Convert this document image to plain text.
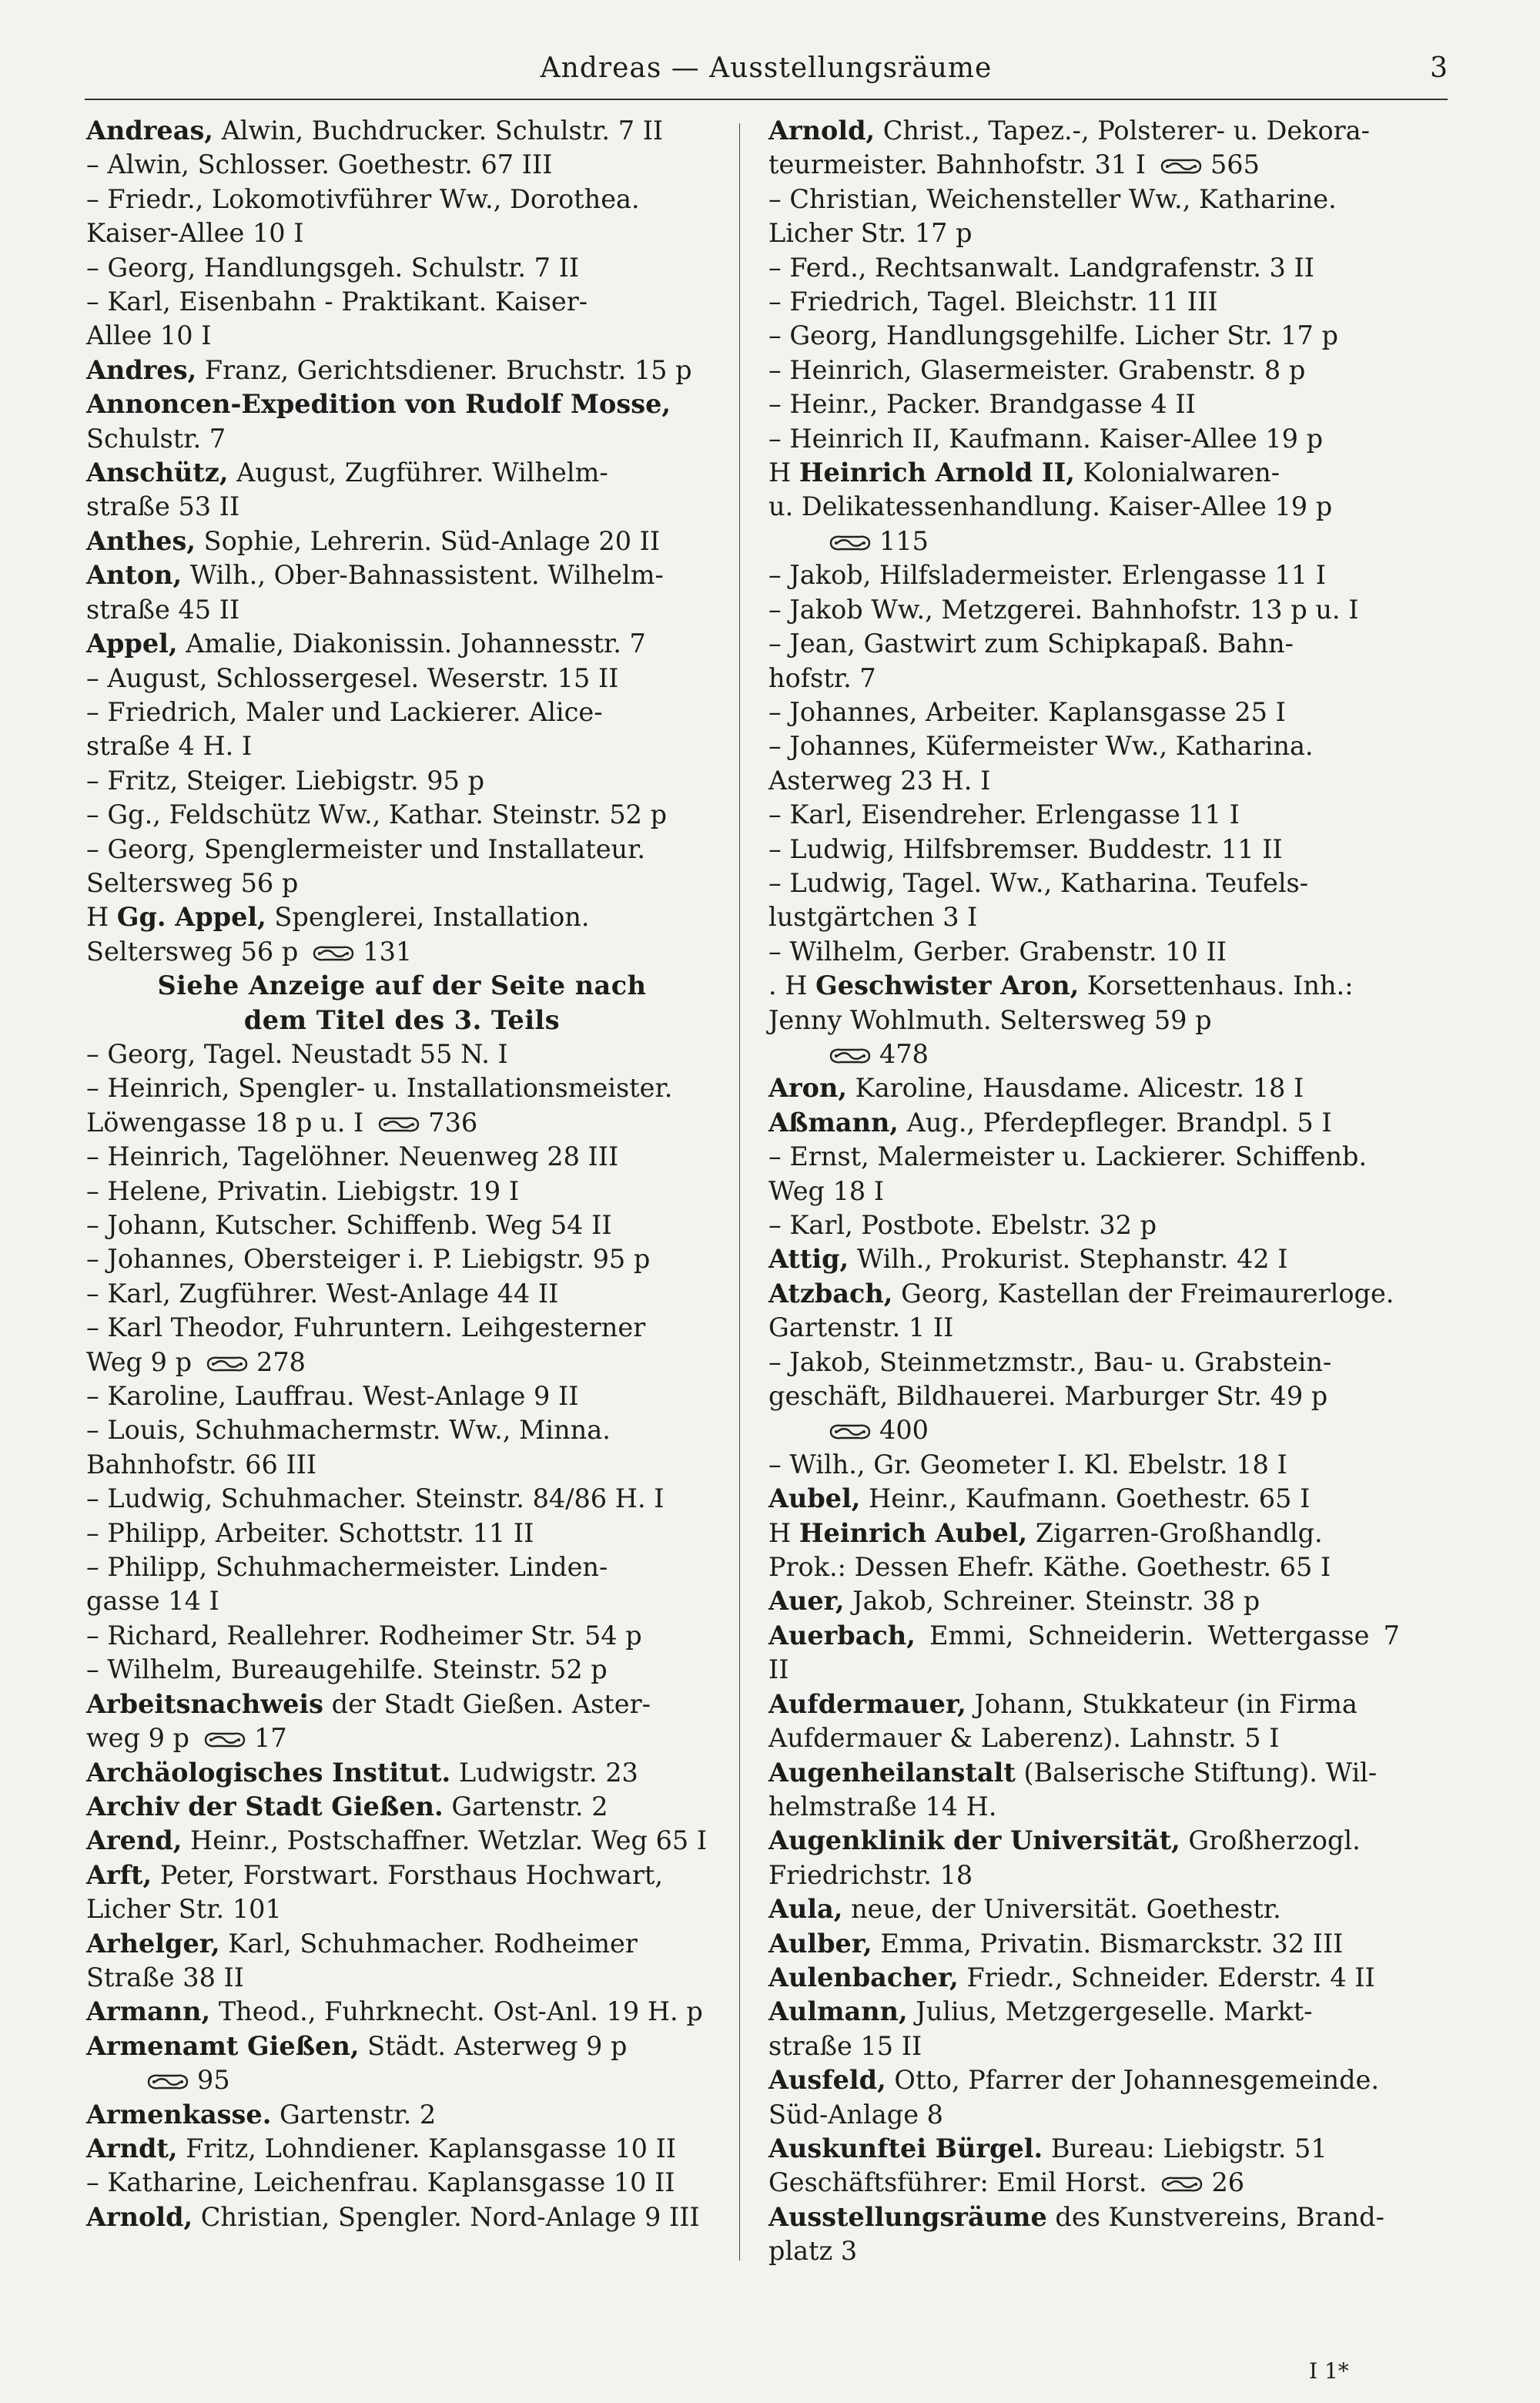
Andreas — Ausstellungsräume	3
Andreas, Alwin, Buchdrucker. Schulstr. 7 II
– Alwin, Schlosser. Goethestr. 67 III
– Friedr., Lokomotivführer Ww., Dorothea.
Kaiser-Allee 10 I
– Georg, Handlungsgeh. Schulstr. 7 II
– Karl, Eisenbahn - Praktikant. Kaiser-
Allee 10 I
Andres, Franz, Gerichtsdiener. Bruchstr. 15 p
Annoncen-Expedition von Rudolf Mosse,
Schulstr. 7
Anschütz, August, Zugführer. Wilhelm-
straße 53 II
Anthes, Sophie, Lehrerin. Süd-Anlage 20 II
Anton, Wilh., Ober-Bahnassistent. Wilhelm-
straße 45 II
Appel, Amalie, Diakonissin. Johannesstr. 7
– August, Schlossergesel. Weserstr. 15 II
– Friedrich, Maler und Lackierer. Alice-
straße 4 H. I
– Fritz, Steiger. Liebigstr. 95 p
– Gg., Feldschütz Ww., Kathar. Steinstr. 52 p
– Georg, Spenglermeister und Installateur.
Seltersweg 56 p
H Gg. Appel, Spenglerei, Installation.
Seltersweg 56 p	131
Siehe Anzeige auf der Seite nach
dem Titel des 3. Teils
– Georg, Tagel. Neustadt 55 N. I
– Heinrich, Spengler- u. Installationsmeister.
Löwengasse 18 p u. I	736
– Heinrich, Tagelöhner. Neuenweg 28 III
– Helene, Privatin. Liebigstr. 19 I
– Johann, Kutscher. Schiffenb. Weg 54 II
– Johannes, Obersteiger i. P. Liebigstr. 95 p
– Karl, Zugführer. West-Anlage 44 II
– Karl Theodor, Fuhruntern. Leihgesterner
Weg 9 p	278
– Karoline, Lauffrau. West-Anlage 9 II
– Louis, Schuhmachermstr. Ww., Minna.
Bahnhofstr. 66 III
– Ludwig, Schuhmacher. Steinstr. 84/86 H. I
– Philipp, Arbeiter. Schottstr. 11 II
– Philipp, Schuhmachermeister. Linden-
gasse 14 I
– Richard, Reallehrer. Rodheimer Str. 54 p
– Wilhelm, Bureaugehilfe. Steinstr. 52 p
Arbeitsnachweis der Stadt Gießen. Aster-
weg 9 p	17
Archäologisches Institut. Ludwigstr. 23
Archiv der Stadt Gießen. Gartenstr. 2
Arend, Heinr., Postschaffner. Wetzlar. Weg 65 I
Arft, Peter, Forstwart. Forsthaus Hochwart,
Licher Str. 101
Arhelger, Karl, Schuhmacher. Rodheimer
Straße 38 II
Armann, Theod., Fuhrknecht. Ost-Anl. 19 H. p
Armenamt Gießen, Städt. Asterweg 9 p
95
Armenkasse. Gartenstr. 2
Arndt, Fritz, Lohndiener. Kaplansgasse 10 II
– Katharine, Leichenfrau. Kaplansgasse 10 II
Arnold, Christian, Spengler. Nord-Anlage 9 III
Arnold, Christ., Tapez.-, Polsterer- u. Dekora-
teurmeister. Bahnhofstr. 31 I	565
– Christian, Weichensteller Ww., Katharine.
Licher Str. 17 p
– Ferd., Rechtsanwalt. Landgrafenstr. 3 II
– Friedrich, Tagel. Bleichstr. 11 III
– Georg, Handlungsgehilfe. Licher Str. 17 p
– Heinrich, Glasermeister. Grabenstr. 8 p
– Heinr., Packer. Brandgasse 4 II
– Heinrich II, Kaufmann. Kaiser-Allee 19 p
H Heinrich Arnold II, Kolonialwaren-
u. Delikatessenhandlung. Kaiser-Allee 19 p
115
– Jakob, Hilfsladermeister. Erlengasse 11 I
– Jakob Ww., Metzgerei. Bahnhofstr. 13 p u. I
– Jean, Gastwirt zum Schipkapaß. Bahn-
hofstr. 7
– Johannes, Arbeiter. Kaplansgasse 25 I
– Johannes, Küfermeister Ww., Katharina.
Asterweg 23 H. I
– Karl, Eisendreher. Erlengasse 11 I
– Ludwig, Hilfsbremser. Buddestr. 11 II
– Ludwig, Tagel. Ww., Katharina. Teufels-
lustgärtchen 3 I
– Wilhelm, Gerber. Grabenstr. 10 II
. H Geschwister Aron, Korsettenhaus. Inh.:
Jenny Wohlmuth. Seltersweg 59 p
478
Aron, Karoline, Hausdame. Alicestr. 18 I
Aßmann, Aug., Pferdepfleger. Brandpl. 5 I
– Ernst, Malermeister u. Lackierer. Schiffenb.
Weg 18 I
– Karl, Postbote. Ebelstr. 32 p
Attig, Wilh., Prokurist. Stephanstr. 42 I
Atzbach, Georg, Kastellan der Freimaurerloge.
Gartenstr. 1 II
– Jakob, Steinmetzmstr., Bau- u. Grabstein-
geschäft, Bildhauerei. Marburger Str. 49 p
400
– Wilh., Gr. Geometer I. Kl. Ebelstr. 18 I
Aubel, Heinr., Kaufmann. Goethestr. 65 I
H Heinrich Aubel, Zigarren-Großhandlg.
Prok.: Dessen Ehefr. Käthe. Goethestr. 65 I
Auer, Jakob, Schreiner. Steinstr. 38 p
Auerbach, Emmi, Schneiderin. Wettergasse 7 II
Aufdermauer, Johann, Stukkateur (in Firma
Aufdermauer & Laberenz). Lahnstr. 5 I
Augenheilanstalt (Balserische Stiftung). Wil-
helmstraße 14 H.
Augenklinik der Universität, Großherzogl.
Friedrichstr. 18
Aula, neue, der Universität. Goethestr.
Aulber, Emma, Privatin. Bismarckstr. 32 III
Aulenbacher, Friedr., Schneider. Ederstr. 4 II
Aulmann, Julius, Metzgergeselle. Markt-
straße 15 II
Ausfeld, Otto, Pfarrer der Johannesgemeinde.
Süd-Anlage 8
Auskunftei Bürgel. Bureau: Liebigstr. 51
Geschäftsführer: Emil Horst.	26
Ausstellungsräume des Kunstvereins, Brand-
platz 3
I 1*
